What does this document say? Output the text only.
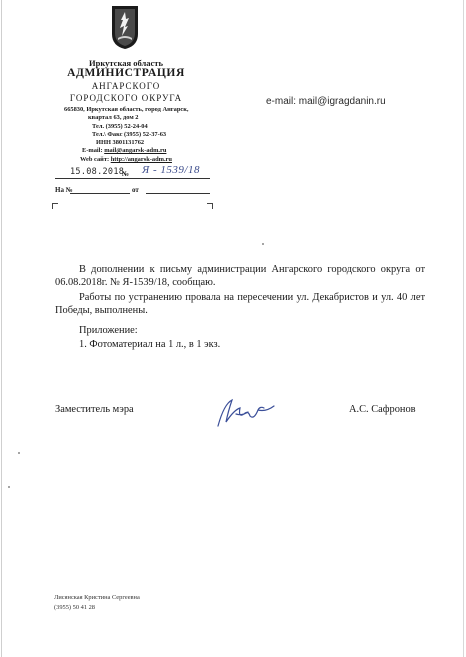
Иркутская область
АДМИНИСТРАЦИЯ
АНГАРСКОГО
ГОРОДСКОГО ОКРУГА
665830, Иркутская область, город Ангарск,
квартал 63, дом 2
Тел. (3955) 52-24-04
Тел.\ Факс (3955) 52-37-63
ИНН 3801131762
E-mail: mail@angarsk-adm.ru
Web сайт: http://angarsk-adm.ru
15.08.2018
№ Я - 1539/18
На №	от
e-mail: mail@igragdanin.ru
В дополнении к письму администрации Ангарского городского округа от 06.08.2018г. № Я-1539/18, сообщаю.
Работы по устранению провала на пересечении ул. Декабристов и ул. 40 лет Победы, выполнены.
Приложение:
1. Фотоматериал на 1 л., в 1 экз.
Заместитель мэра	А.С. Сафронов
Лисянская Кристина Сергеевна
(3955) 50 41 28
